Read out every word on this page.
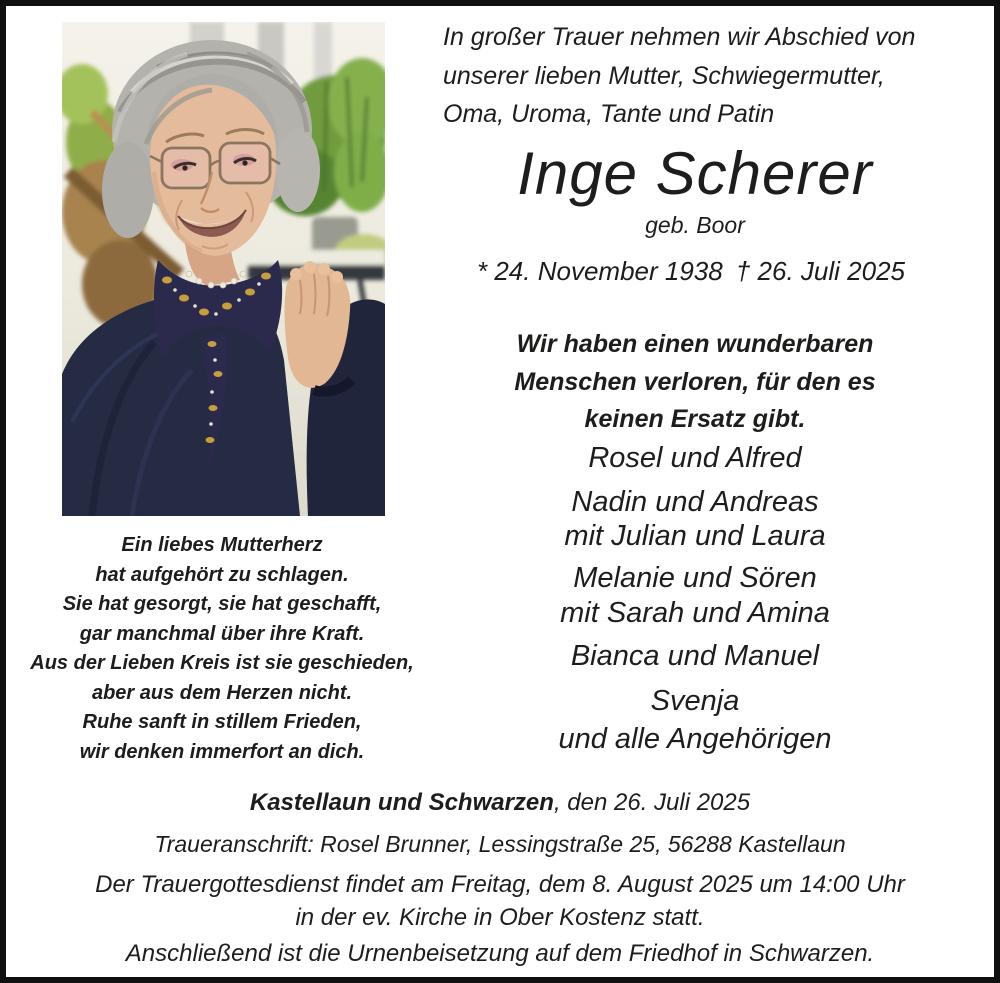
In großer Trauer nehmen wir Abschied von
unserer lieben Mutter, Schwiegermutter,
Oma, Uroma, Tante und Patin
Inge Scherer
geb. Boor
* 24. November 1938 † 26. Juli 2025
Wir haben einen wunderbaren
Menschen verloren, für den es
keinen Ersatz gibt.
Rosel und Alfred
Nadin und Andreas
mit Julian und Laura
Melanie und Sören
mit Sarah und Amina
Bianca und Manuel
Svenja
und alle Angehörigen
Ein liebes Mutterherz
hat aufgehört zu schlagen.
Sie hat gesorgt, sie hat geschafft,
gar manchmal über ihre Kraft.
Aus der Lieben Kreis ist sie geschieden,
aber aus dem Herzen nicht.
Ruhe sanft in stillem Frieden,
wir denken immerfort an dich.
Kastellaun und Schwarzen, den 26. Juli 2025
Traueranschrift: Rosel Brunner, Lessingstraße 25, 56288 Kastellaun
Der Trauergottesdienst findet am Freitag, dem 8. August 2025 um 14:00 Uhr
in der ev. Kirche in Ober Kostenz statt.
Anschließend ist die Urnenbeisetzung auf dem Friedhof in Schwarzen.
